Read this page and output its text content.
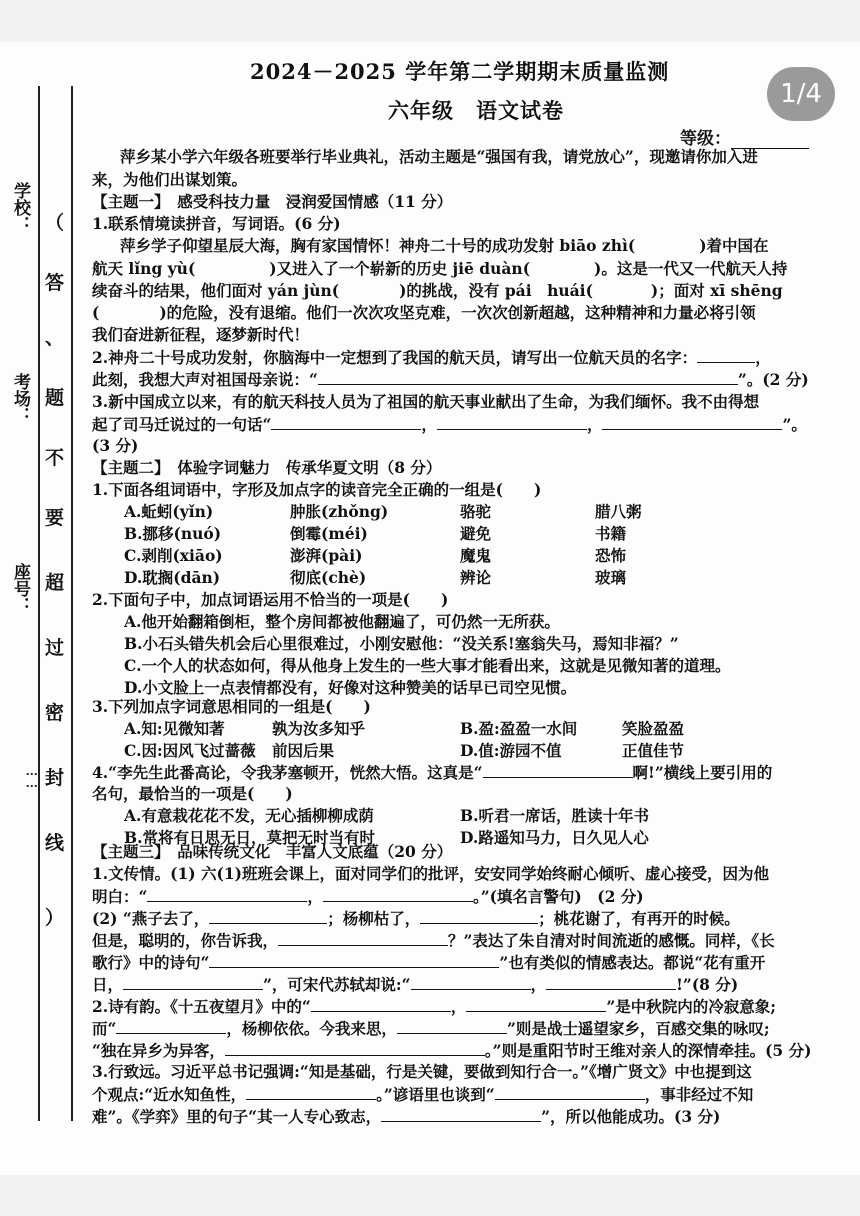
1/4
学校：
考场：
座号：
⋮⋮
（
答
、
题
不
要
超
过
密
封
线
）
2024－2025 学年第二学期期末质量监测
六年级　语文试卷
等级：
萍乡某小学六年级各班要举行毕业典礼，活动主题是“强国有我，请党放心”，现邀请你加入进
来，为他们出谋划策。
【主题一】　感受科技力量　浸润爱国情感（11 分）
1.联系情境读拼音，写词语。(6 分)
萍乡学子仰望星辰大海，胸有家国情怀！神舟二十号的成功发射 biāo zhì(	)着中国在
航天 lǐng yù(	)又进入了一个崭新的历史 jiē duàn(	)。这是一代又一代航天人持
续奋斗的结果，他们面对 yán jùn(	)的挑战，没有 pái　huái(	)；面对 xī shēng
(	)的危险，没有退缩。他们一次次攻坚克难，一次次创新超越，这种精神和力量必将引领
我们奋进新征程，逐梦新时代！
2.神舟二十号成功发射，你脑海中一定想到了我国的航天员，请写出一位航天员的名字：	，
此刻，我想大声对祖国母亲说：“	”。(2 分)
3.新中国成立以来，有的航天科技人员为了祖国的航天事业献出了生命，为我们缅怀。我不由得想
起了司马迁说过的一句话“	，	，	”。
(3 分)
【主题二】　体验字词魅力　传承华夏文明（8 分）
1.下面各组词语中，字形及加点字的读音完全正确的一组是(　　)
A.蚯蚓(yǐn)	肿胀(zhǒng)	骆驼	腊八粥
B.挪移(nuó)	倒霉(méi)	避免	书籍
C.剥削(xiāo)	澎湃(pài)	魔鬼	恐怖
D.耽搁(dān)	彻底(chè)	辨论	玻璃
2.下面句子中，加点词语运用不恰当的一项是(　　)
A.他开始翻箱倒柜，整个房间都被他翻遍了，可仍然一无所获。
B.小石头错失机会后心里很难过，小刚安慰他：“没关系!塞翁失马，焉知非福？”
C.一个人的状态如何，得从他身上发生的一些大事才能看出来，这就是见微知著的道理。
D.小文脸上一点表情都没有，好像对这种赞美的话早已司空见惯。
3.下列加点字词意思相同的一组是(　　)
A.知:见微知著	孰为汝多知乎	B.盈:盈盈一水间	笑脸盈盈
C.因:因风飞过蔷薇 前因后果	D.值:游园不值	正值佳节
4.“李先生此番高论，令我茅塞顿开，恍然大悟。这真是“	啊!”横线上要引用的
名句，最恰当的一项是(　　)
A.有意栽花花不发，无心插柳柳成荫	B.听君一席话，胜读十年书
B.常将有日思无日，莫把无时当有时	D.路遥知马力，日久见人心
【主题三】　品味传统文化　丰富人文底蕴（20 分）
1.文传情。(1) 六(1)班班会课上，面对同学们的批评，安安同学始终耐心倾听、虚心接受，因为他
明白：“	，	。”(填名言警句)　(2 分)
(2) “燕子去了，	；杨柳枯了，	；桃花谢了，有再开的时候。
但是，聪明的，你告诉我，	？”表达了朱自清对时间流逝的感慨。同样，《长
歌行》中的诗句“	”也有类似的情感表达。都说“花有重开
日，	”，可宋代苏轼却说:“	，	!”(8 分)
2.诗有韵。《十五夜望月》中的“	，	”是中秋院内的冷寂意象;
而“	，杨柳依依。今我来思，	”则是战士遥望家乡，百感交集的咏叹;
“独在异乡为异客，	。”则是重阳节时王维对亲人的深情牵挂。(5 分)
3.行致远。习近平总书记强调:“知是基础，行是关键，要做到知行合一。”《增广贤文》中也提到这
个观点:“近水知鱼性，	。”谚语里也谈到“	，事非经过不知
难”。《学弈》里的句子“其一人专心致志，	”，所以他能成功。(3 分)
